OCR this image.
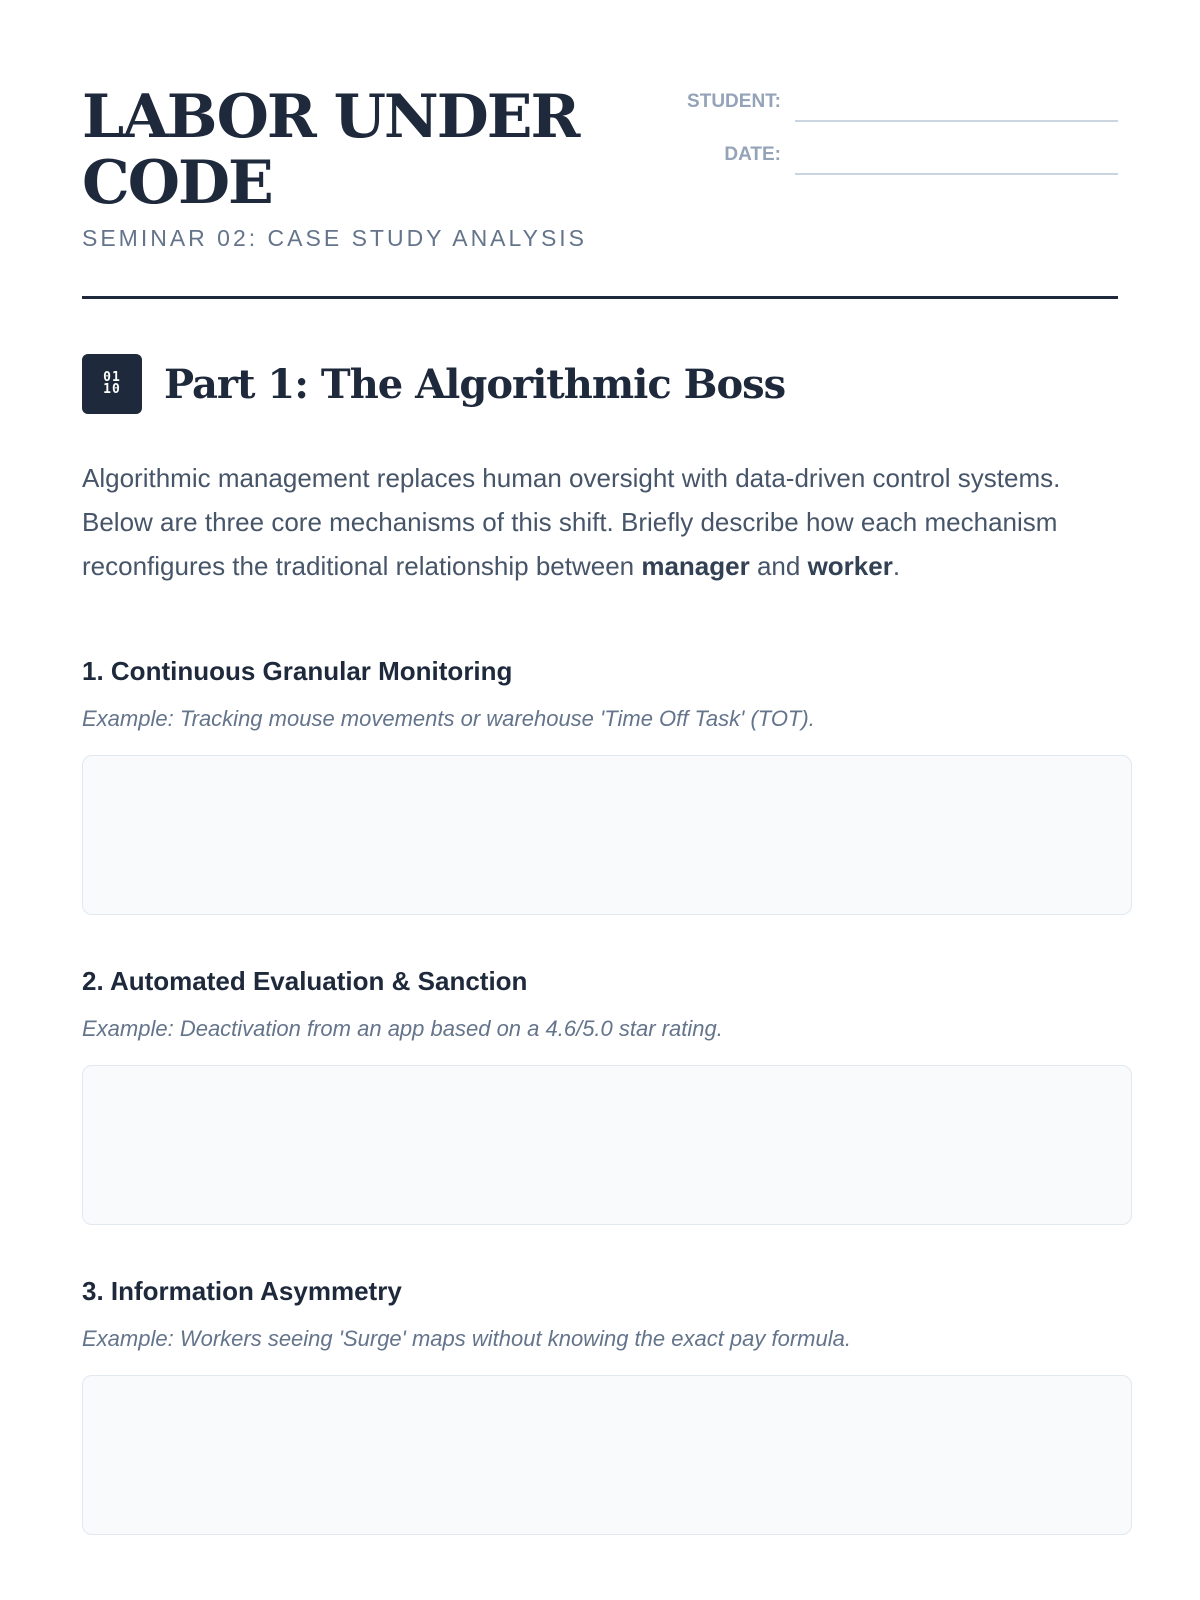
LABOR UNDER CODE
SEMINAR 02: CASE STUDY ANALYSIS
STUDENT:
DATE:
01
10 Part 1: The Algorithmic Boss

Algorithmic management replaces human oversight with data-driven control systems. Below are three core mechanisms of this shift. Briefly describe how each mechanism reconfigures the traditional relationship between manager and worker.

1. Continuous Granular Monitoring

Example: Tracking mouse movements or warehouse 'Time Off Task' (TOT).

2. Automated Evaluation & Sanction

Example: Deactivation from an app based on a 4.6/5.0 star rating.

3. Information Asymmetry

Example: Workers seeing 'Surge' maps without knowing the exact pay formula.
